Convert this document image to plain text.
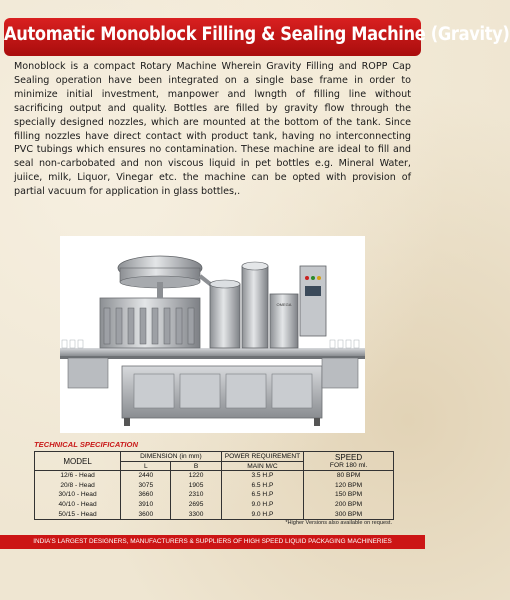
Automatic Monoblock Filling & Sealing Machine (Gravity)

Monoblock is a compact Rotary Machine Wherein Gravity Filling and ROPP Cap Sealing operation have been integrated on a single base frame in order to minimize initial investment, manpower and lwngth of filling line without sacrificing output and quality. Bottles are filled by gravity flow through the specially designed nozzles, which are mounted at the bottom of the tank. Since filling nozzles have direct contact with product tank, having no interconnecting PVC tubings which ensures no contamination. These machine are ideal to fill and seal non-carbobated and non viscous liquid in pet bottles e.g. Mineral Water, juiice, milk, Liquor, Vinegar etc. the machine can be opted with provision of partial vacuum for application in glass bottles,.

OMEGA
TECHNICAL SPECIFICATION
MODEL	DIMENSION (in mm)		POWER REQUIREMENT	SPEED
FOR 180 ml.

	L	B	MAIN M/C	
12/6 - Head	2440	1220	3.5 H.P	80 BPM
20/8 - Head	3075	1905	6.5 H.P	120 BPM
30/10 - Head	3660	2310	6.5 H.P	150 BPM
40/10 - Head	3910	2695	9.0 H.P	200 BPM
50/15 - Head	3600	3300	9.0 H.P	300 BPM
*Higher Versions also available on request.
INDIA'S LARGEST DESIGNERS, MANUFACTURERS & SUPPLIERS OF HIGH SPEED LIQUID PACKAGING MACHINERIES
